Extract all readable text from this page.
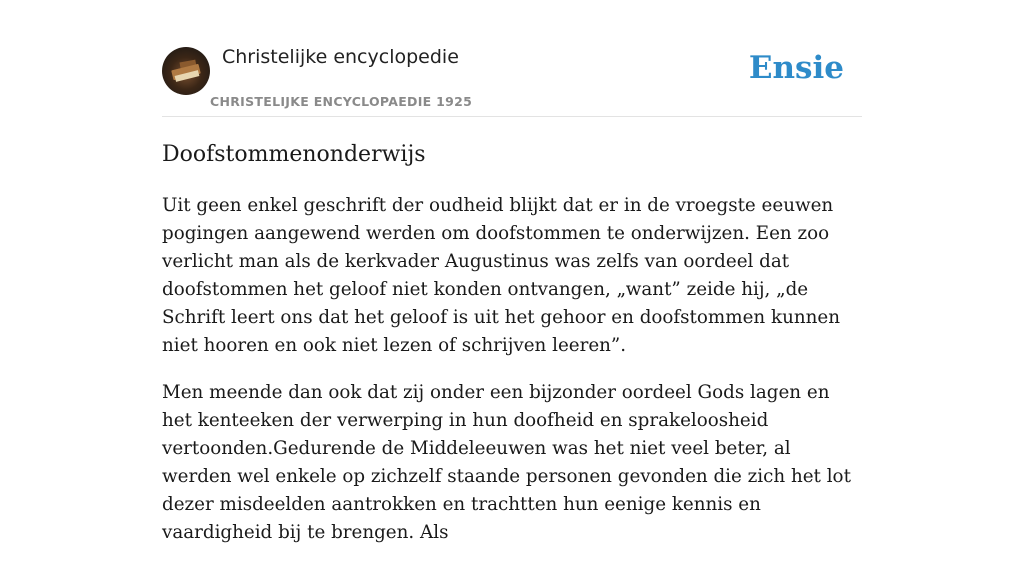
Christelijke encyclopedie

CHRISTELIJKE ENCYCLOPAEDIE 1925

Ensie
Doofstommenonderwijs

Uit geen enkel geschrift der oudheid blijkt dat er in de vroegste eeuwen pogingen aangewend werden om doofstommen te onderwijzen. Een zoo verlicht man als de kerkvader Augustinus was zelfs van oordeel dat doofstommen het geloof niet konden ontvangen, „want” zeide hij, „de Schrift leert ons dat het geloof is uit het gehoor en doofstommen kunnen niet hooren en ook niet lezen of schrijven leeren”.

Men meende dan ook dat zij onder een bijzonder oordeel Gods lagen en het kenteeken der verwerping in hun doofheid en sprakeloosheid vertoonden.Gedurende de Middeleeuwen was het niet veel beter, al werden wel enkele op zichzelf staande personen gevonden die zich het lot dezer misdeelden aantrokken en trachtten hun eenige kennis en vaardigheid bij te brengen. Als
